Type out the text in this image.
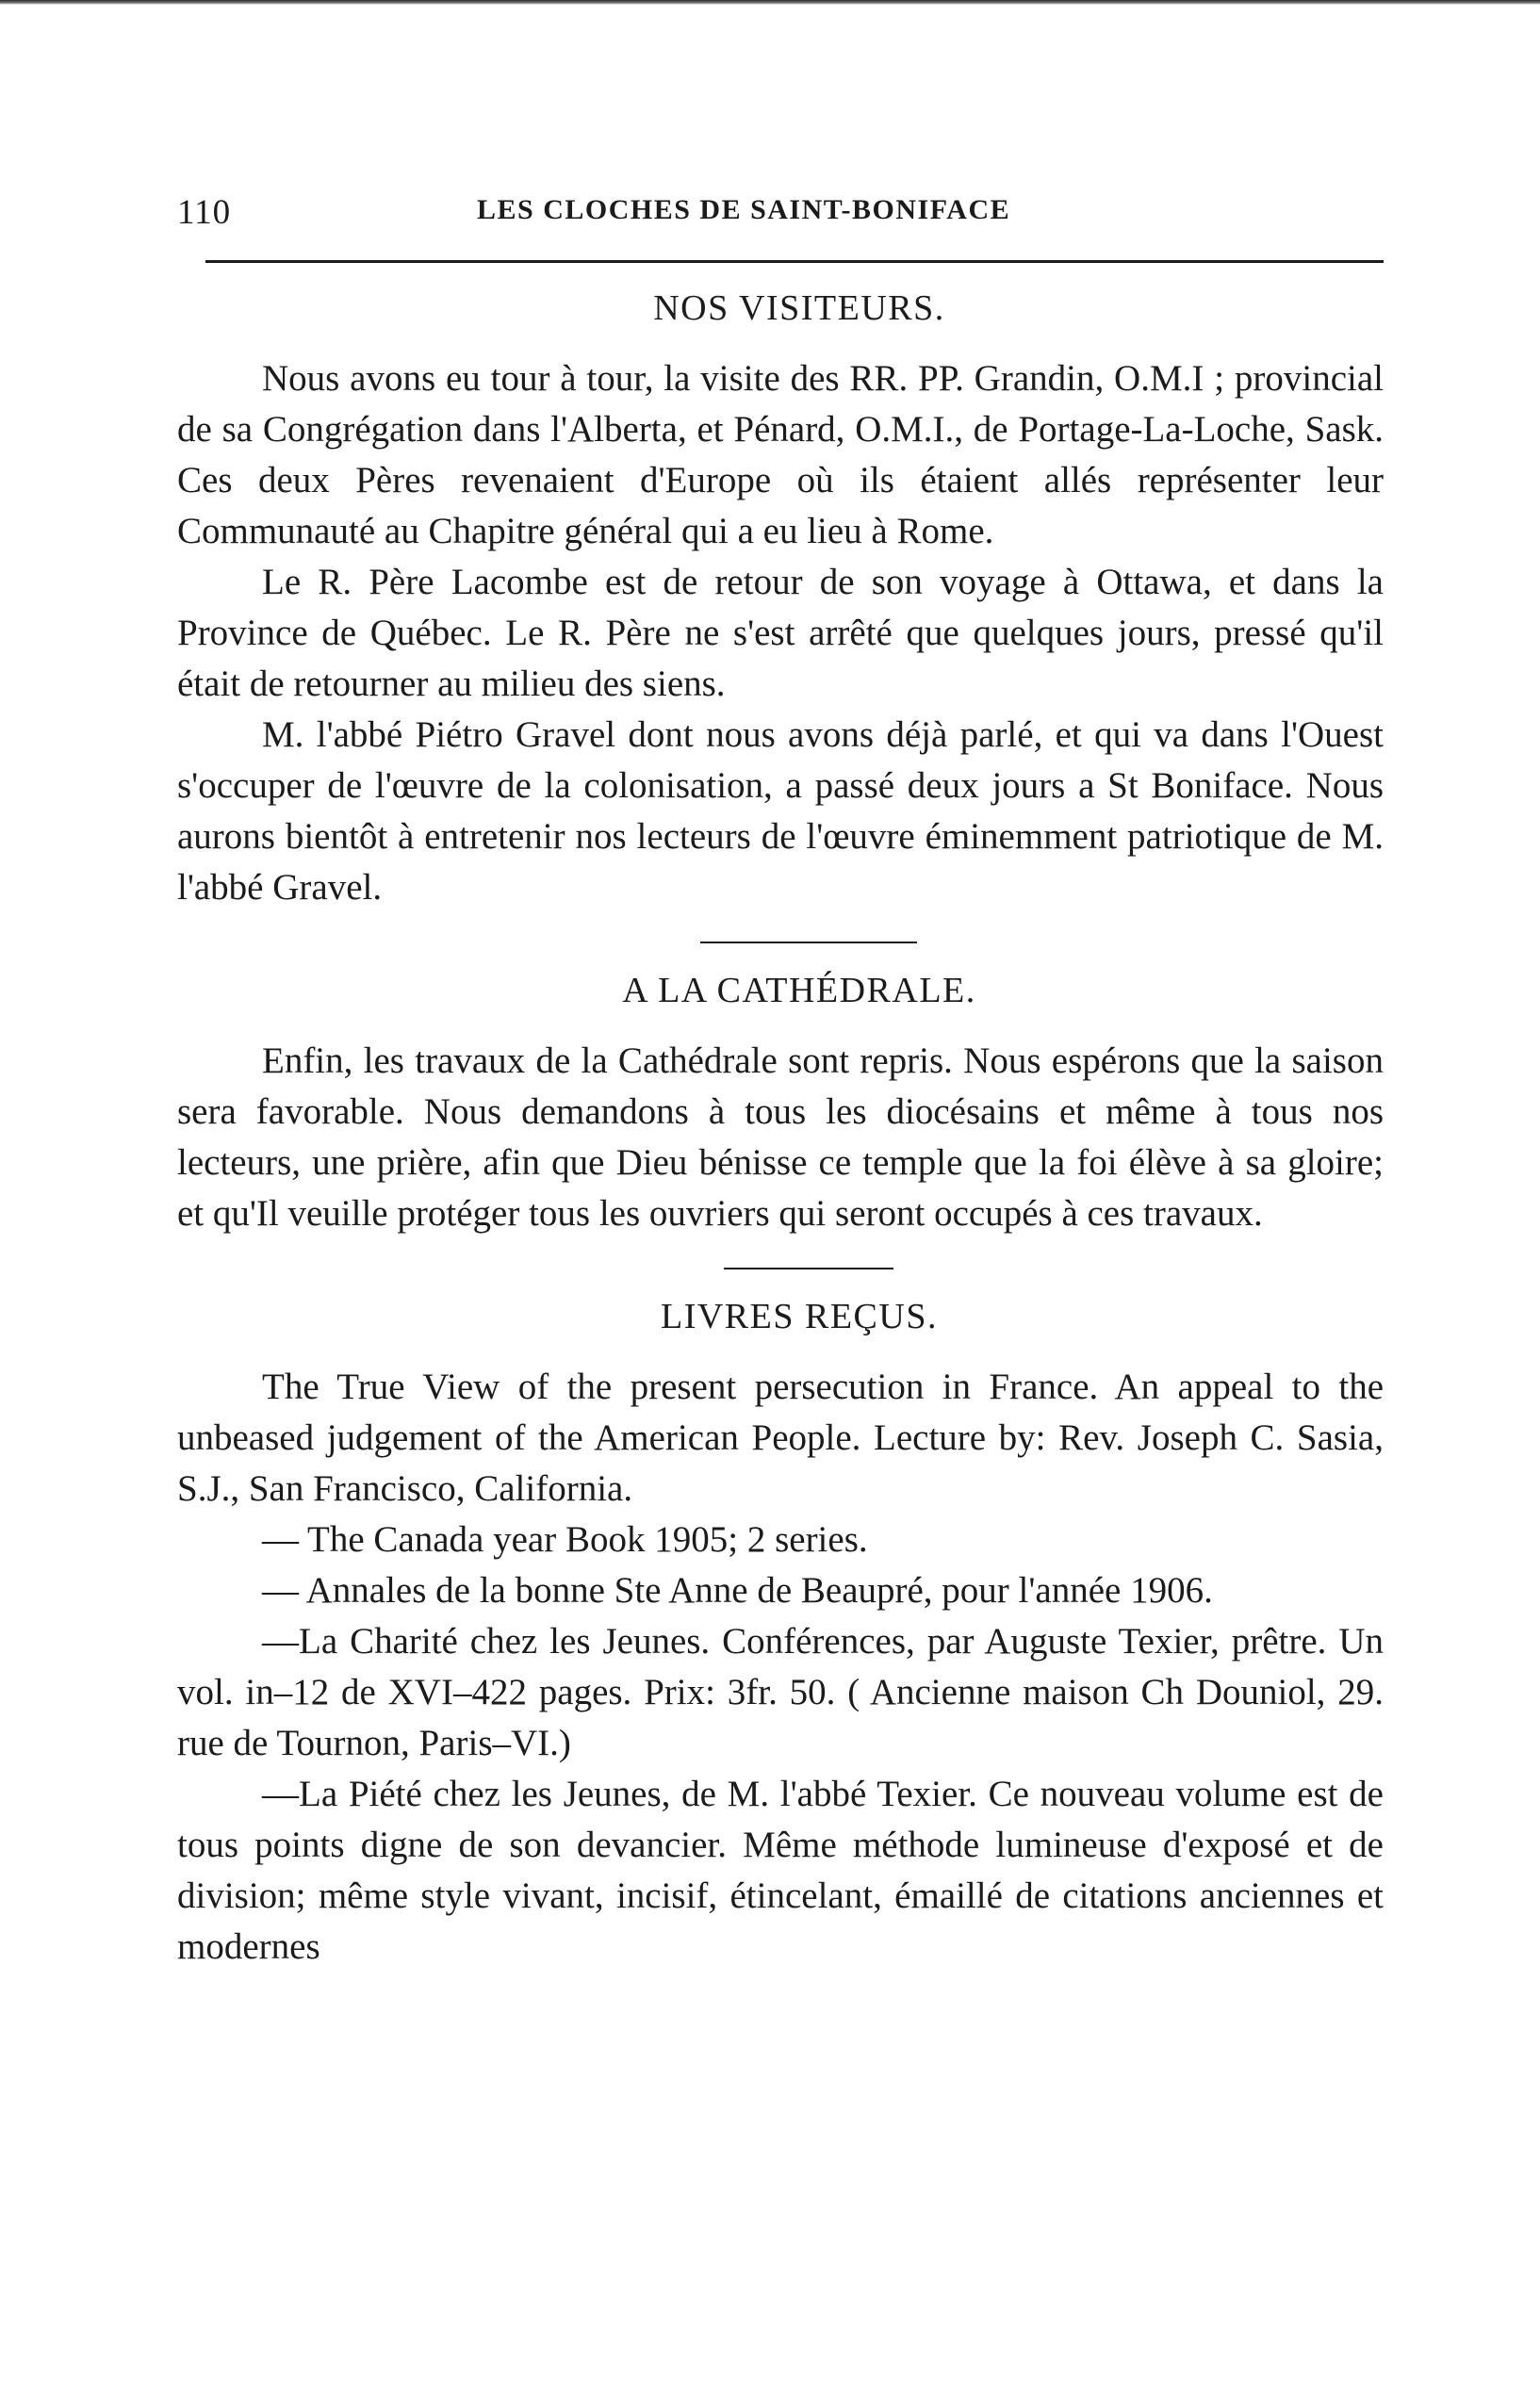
110	LES CLOCHES DE SAINT-BONIFACE
NOS VISITEURS.

Nous avons eu tour à tour, la visite des RR. PP. Grandin, O.M.I ; provincial de sa Congrégation dans l'Alberta, et Pénard, O.M.I., de Portage-La-Loche, Sask. Ces deux Pères revenaient d'Europe où ils étaient allés représenter leur Communauté au Chapitre général qui a eu lieu à Rome.

Le R. Père Lacombe est de retour de son voyage à Ottawa, et dans la Province de Québec. Le R. Père ne s'est arrêté que quelques jours, pressé qu'il était de retourner au milieu des siens.

M. l'abbé Piétro Gravel dont nous avons déjà parlé, et qui va dans l'Ouest s'occuper de l'œuvre de la colonisation, a passé deux jours a St Boniface. Nous aurons bientôt à entretenir nos lecteurs de l'œuvre éminemment patriotique de M. l'abbé Gravel.

A LA CATHÉDRALE.

Enfin, les travaux de la Cathédrale sont repris. Nous espérons que la saison sera favorable. Nous demandons à tous les diocésains et même à tous nos lecteurs, une prière, afin que Dieu bénisse ce temple que la foi élève à sa gloire; et qu'Il veuille protéger tous les ouvriers qui seront occupés à ces travaux.

LIVRES REÇUS.

The True View of the present persecution in France. An appeal to the unbeased judgement of the American People. Lecture by: Rev. Joseph C. Sasia, S.J., San Francisco, California.

— The Canada year Book 1905; 2 series.

— Annales de la bonne Ste Anne de Beaupré, pour l'année 1906.

—La Charité chez les Jeunes. Conférences, par Auguste Texier, prêtre. Un vol. in–12 de XVI–422 pages. Prix: 3fr. 50. ( Ancienne maison Ch Douniol, 29. rue de Tournon, Paris–VI.)

—La Piété chez les Jeunes, de M. l'abbé Texier. Ce nouveau volume est de tous points digne de son devancier. Même méthode lumineuse d'exposé et de division; même style vivant, incisif, étincelant, émaillé de citations anciennes et modernes
